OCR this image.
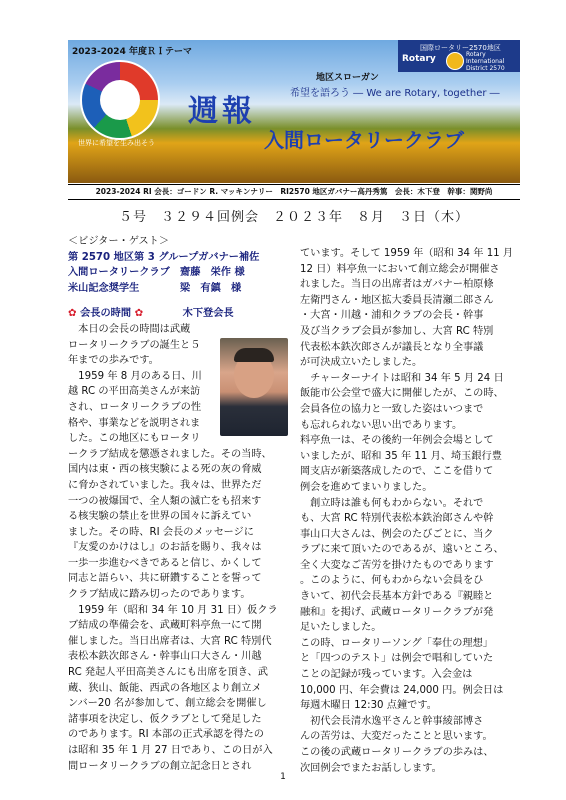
2023-2024 年度ＲＩテーマ
世界に希望を生み出そう
国際ロータリー2570地区
Rotary	Rotary International District 2570
地区スローガン
希望を語ろう ― We are Rotary, together ―
週報
入間ロータリークラブ
2023-2024 RI 会長：ゴードン R. マッキンナリー　RI2570 地区ガバナー高丹秀篤　会長：木下登　幹事：関野尚
５号　３２９４回例会　２０２３年　８月　３日（木）

＜ビジター・ゲスト＞

第 2570 地区第 3 グループガバナー補佐

入間ロータリークラブ　齋藤　栄作 様

米山記念奨学生　　　　梁　有鎮　様

✿ 会長の時間 ✿	木下登会長

　本日の会長の時間は武蔵

ロータリークラブの誕生と５

年までの歩みです。

　1959 年 8 月のある日、川

越 RC の平田高美さんが来訪

され、ロータリークラブの性

格や、事業などを説明されま

した。この地区にもロータリ

ークラブ結成を懲憑されました。その当時、

国内は東・西の核実験による死の灰の脅威

に脅かされていました。我々は、世界ただ

一つの被爆国で、全人類の滅亡をも招来す

る核実験の禁止を世界の国々に訴えてい

ました。その時、RI 会長のメッセージに

『友愛のかけはし』のお話を賜り、我々は

一歩一歩進むべきであると信じ、かくして

同志と語らい、共に研鑽することを誓って

クラブ結成に踏み切ったのであります。

　1959 年（昭和 34 年 10 月 31 日）仮クラ

ブ結成の準備会を、武蔵町料亭魚一にて開

催しました。当日出席者は、大宮 RC 特別代

表松本鉄次郎さん・幹事山口大さん・川越

RC 発起人平田高美さんにも出席を頂き、武

蔵、狭山、飯能、西武の各地区より創立メ

ンバー20 名が参加して、創立総会を開催し

諸事項を決定し、仮クラブとして発足した

のであります。RI 本部の正式承認を得たの

は昭和 35 年 1 月 27 日であり、この日が入

間ロータリークラブの創立記念日とされ

ています。そして 1959 年（昭和 34 年 11 月

12 日）料亭魚一において創立総会が開催さ

れました。当日の出席者はガバナー柏原條

左衛門さん・地区拡大委員長清瀬二郎さん

・大宮・川越・浦和クラブの会長・幹事

及び当クラブ会員が参加し、大宮 RC 特別

代表松本鉄次郎さんが議長となり全事議

が可決成立いたしました。

　チャーターナイトは昭和 34 年 5 月 24 日

飯能市公会堂で盛大に開催したが、この時、

会員各位の協力と一致した姿はいつまで

も忘れられない思い出であります。

料亭魚一は、その後約一年例会会場として

いましたが、昭和 35 年 11 月、埼玉銀行豊

岡支店が新築落成したので、ここを借りて

例会を進めてまいりました。

　創立時は誰も何もわからない。それで

も、大宮 RC 特別代表松本鉄治郎さんや幹

事山口大さんは、例会のたびごとに、当ク

ラブに来て頂いたのであるが、遠いところ、

全く大変なご苦労を掛けたものであります

。このように、何もわからない会員をひ

きいて、初代会長基本方針である『親睦と

融和』を掲げ、武蔵ロータリークラブが発

足いたしました。

この時、ロータリーソング「奉仕の理想」

と「四つのテスト」は例会で唱和していた

ことの記録が残っています。入会金は

10,000 円、年会費は 24,000 円。例会日は

毎週木曜日 12:30 点鐘です。

　初代会長清水逸平さんと幹事綾部博さ

んの苦労は、大変だったことと思います。

この後の武蔵ロータリークラブの歩みは、

次回例会でまたお話しします。

1
